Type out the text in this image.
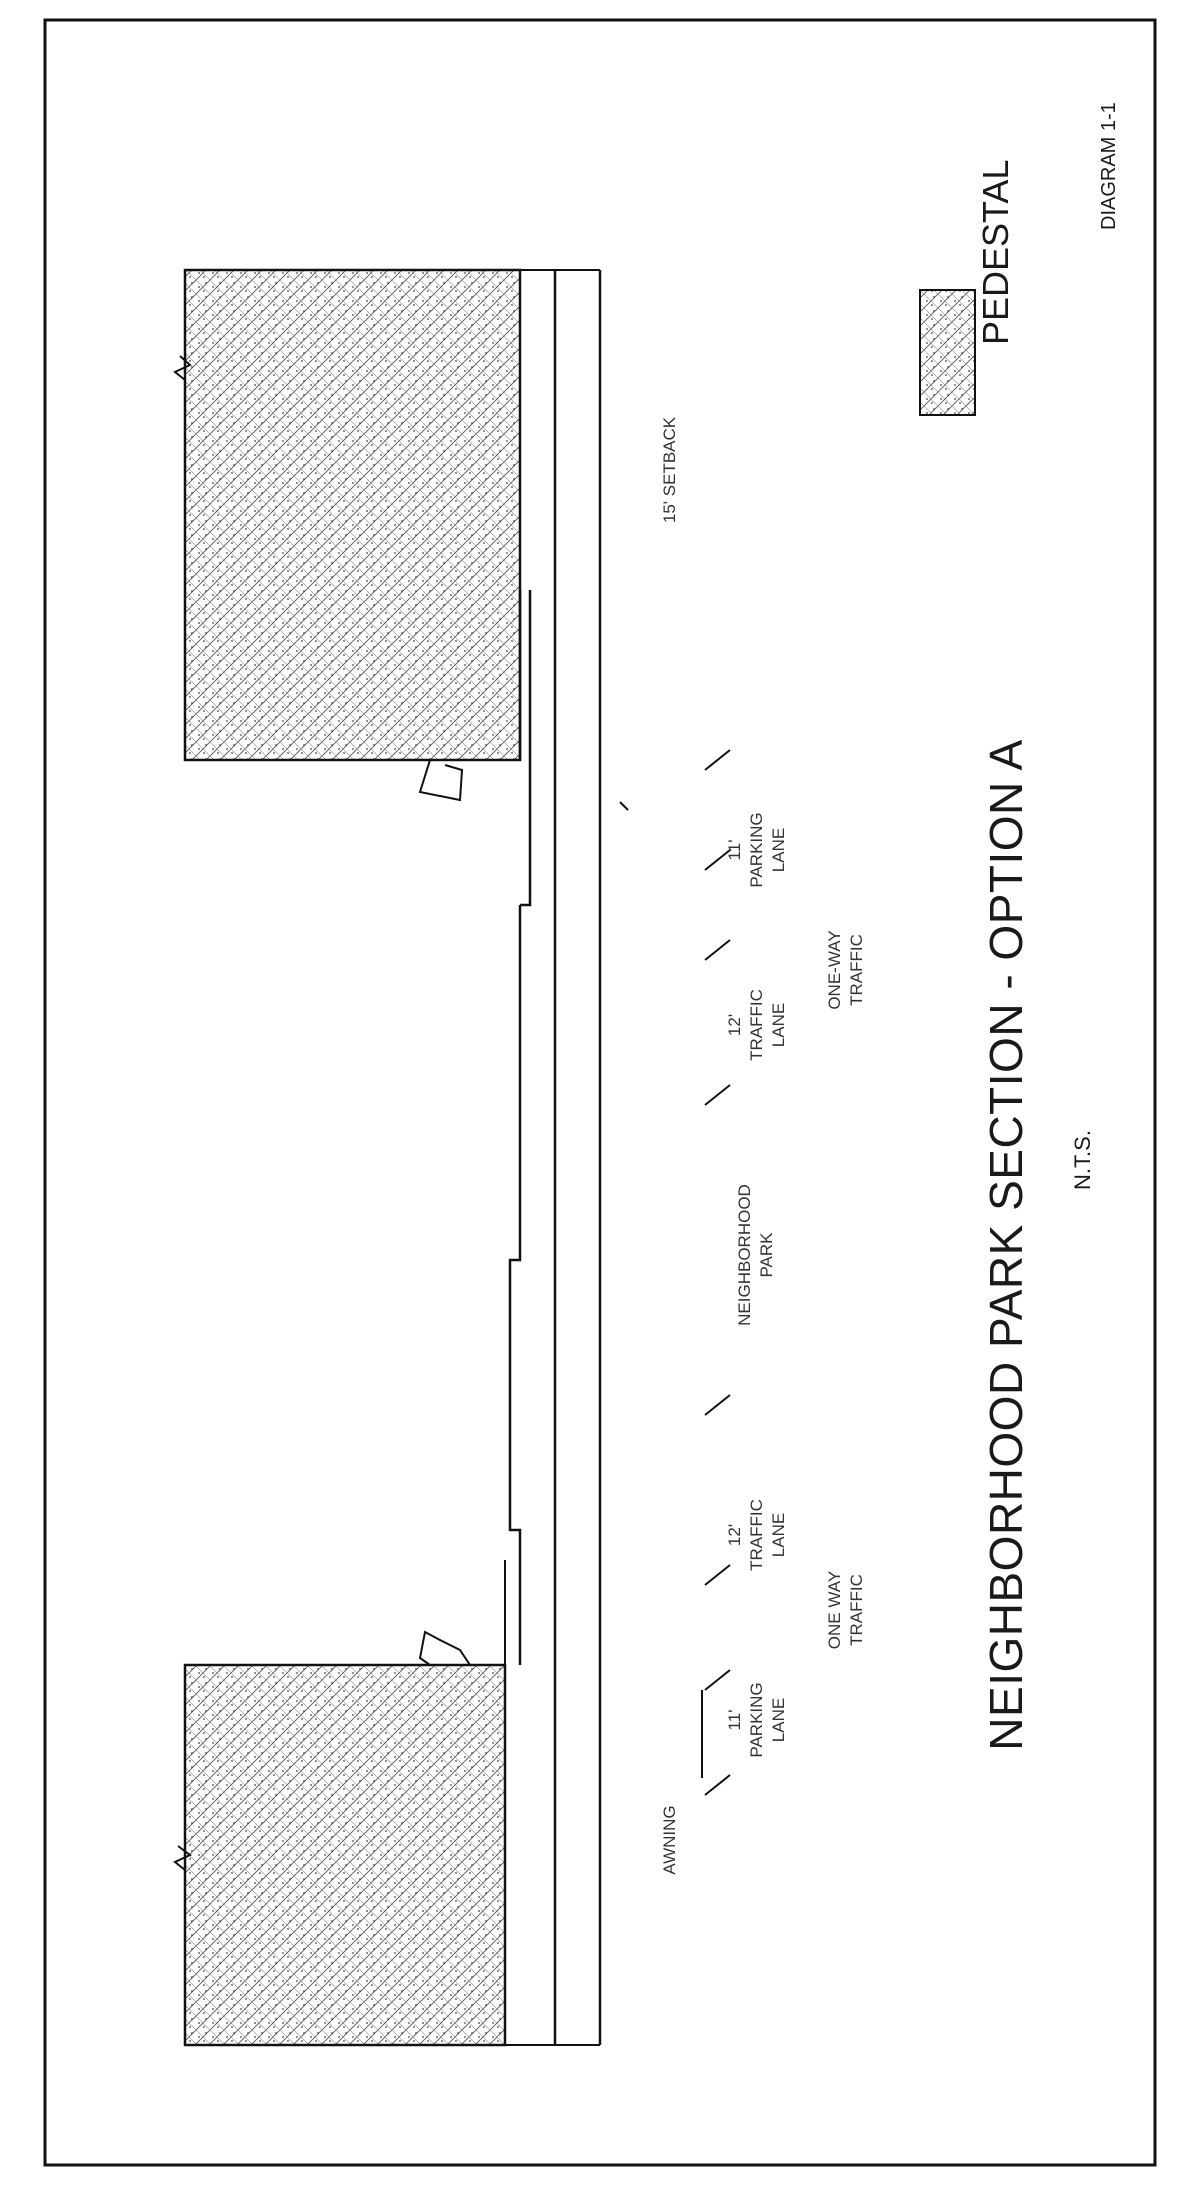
AWNING
15' SETBACK
11' PARKING LANE
12' TRAFFIC LANE
ONE WAY TRAFFIC
NEIGHBORHOOD PARK
12' TRAFFIC LANE
11' PARKING LANE
ONE-WAY TRAFFIC NEIGHBORHOOD PARK SECTION - OPTION A N.T.S.
PEDESTAL	DIAGRAM 1-1
